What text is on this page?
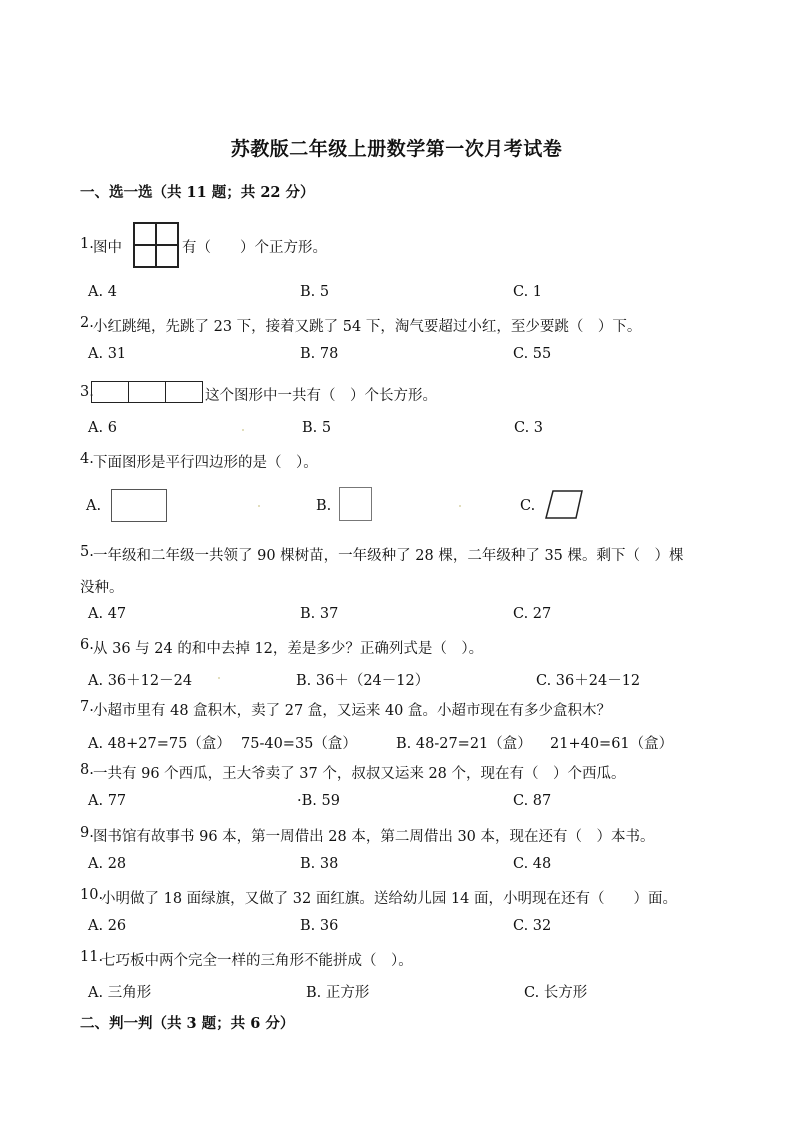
苏教版二年级上册数学第一次月考试卷
一、选一选（共 11 题；共 22 分）
1. 图中	有（　　）个正方形。
A. 4	B. 5	C. 1
2. 小红跳绳，先跳了 23 下，接着又跳了 54 下，淘气要超过小红，至少要跳（　）下。
A. 31	B. 78	C. 55
3.	这个图形中一共有（　）个长方形。
A. 6	B. 5	C. 3
4. 下面图形是平行四边形的是（　）。
A.	B.	C.
5. 一年级和二年级一共领了 90 棵树苗，一年级种了 28 棵，二年级种了 35 棵。剩下（　）棵
没种。
A. 47	B. 37	C. 27
6. 从 36 与 24 的和中去掉 12，差是多少？正确列式是（　）。
A. 36＋12－24	B. 36＋（24－12）	C. 36＋24－12
7. 小超市里有 48 盒积木，卖了 27 盒，又运来 40 盒。小超市现在有多少盒积木？
A. 48+27=75（盒） 75-40=35（盒）	B. 48-27=21（盒） 21+40=61（盒）
8. 一共有 96 个西瓜，王大爷卖了 37 个，叔叔又运来 28 个，现在有（　）个西瓜。
A. 77	·B. 59	C. 87
9. 图书馆有故事书 96 本，第一周借出 28 本，第二周借出 30 本，现在还有（　）本书。
A. 28	B. 38	C. 48
10.
小明做了 18 面绿旗，又做了 32 面红旗。送给幼儿园 14 面，小明现在还有（　　）面。
A. 26	B. 36	C. 32
11.
七巧板中两个完全一样的三角形不能拼成（　）。
A. 三角形	B. 正方形	C. 长方形
二、判一判（共 3 题；共 6 分）
